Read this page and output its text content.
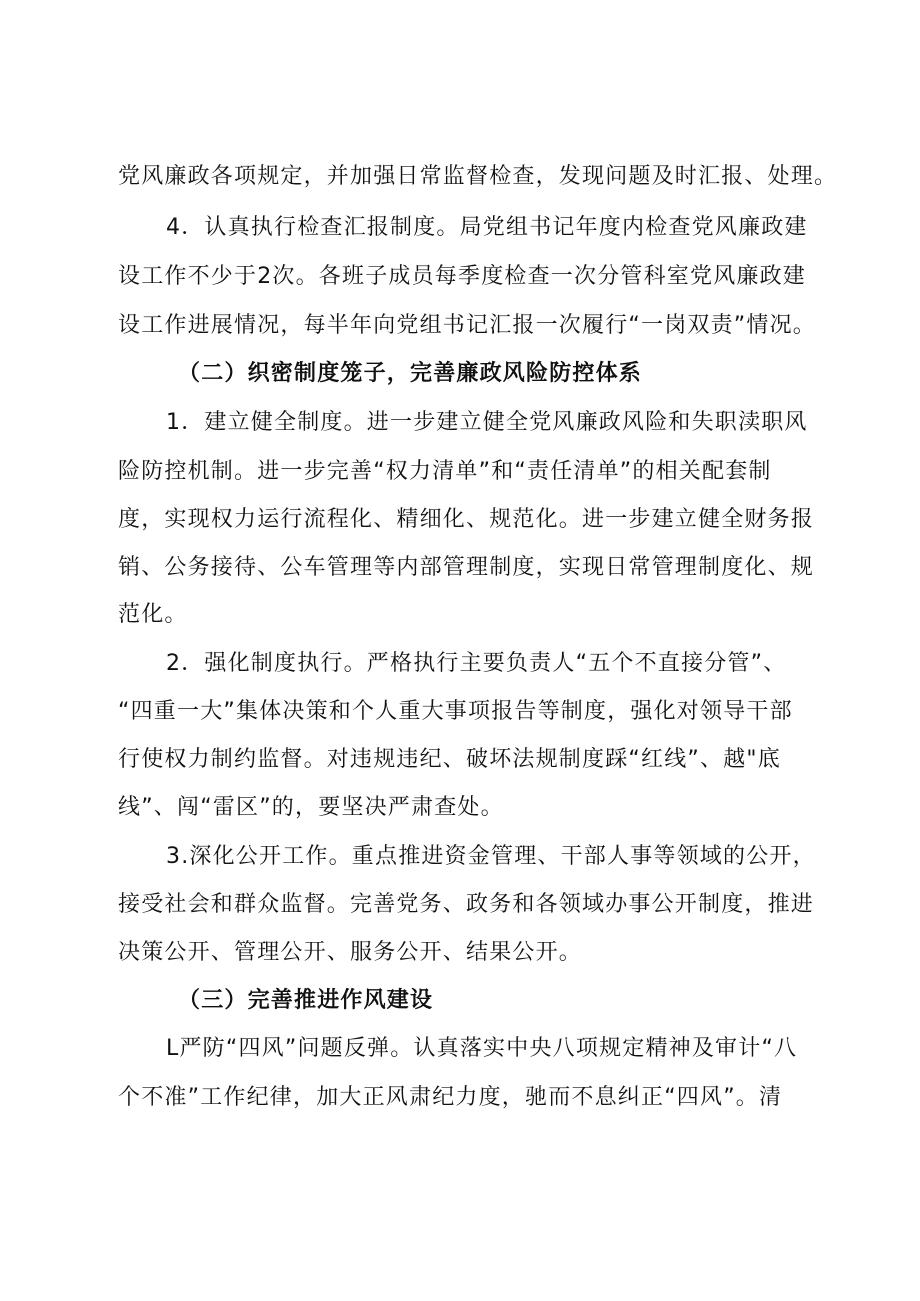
党风廉政各项规定，并加强日常监督检查，发现问题及时汇报、处理。
4．认真执行检查汇报制度。局党组书记年度内检查党风廉政建
设工作不少于2次。各班子成员每季度检查一次分管科室党风廉政建
设工作进展情况，每半年向党组书记汇报一次履行“一岗双责”情况。
（二）织密制度笼子，完善廉政风险防控体系
1．建立健全制度。进一步建立健全党风廉政风险和失职渎职风
险防控机制。进一步完善“权力清单”和“责任清单”的相关配套制
度，实现权力运行流程化、精细化、规范化。进一步建立健全财务报
销、公务接待、公车管理等内部管理制度，实现日常管理制度化、规
范化。
2．强化制度执行。严格执行主要负责人“五个不直接分管”、
“四重一大”集体决策和个人重大事项报告等制度，强化对领导干部
行使权力制约监督。对违规违纪、破坏法规制度踩“红线”、越"底
线”、闯“雷区”的，要坚决严肃查处。
3.深化公开工作。重点推进资金管理、干部人事等领域的公开，
接受社会和群众监督。完善党务、政务和各领域办事公开制度，推进
决策公开、管理公开、服务公开、结果公开。
（三）完善推进作风建设
L严防“四风”问题反弹。认真落实中央八项规定精神及审计“八
个不准”工作纪律，加大正风肃纪力度，驰而不息纠正“四风”。清
